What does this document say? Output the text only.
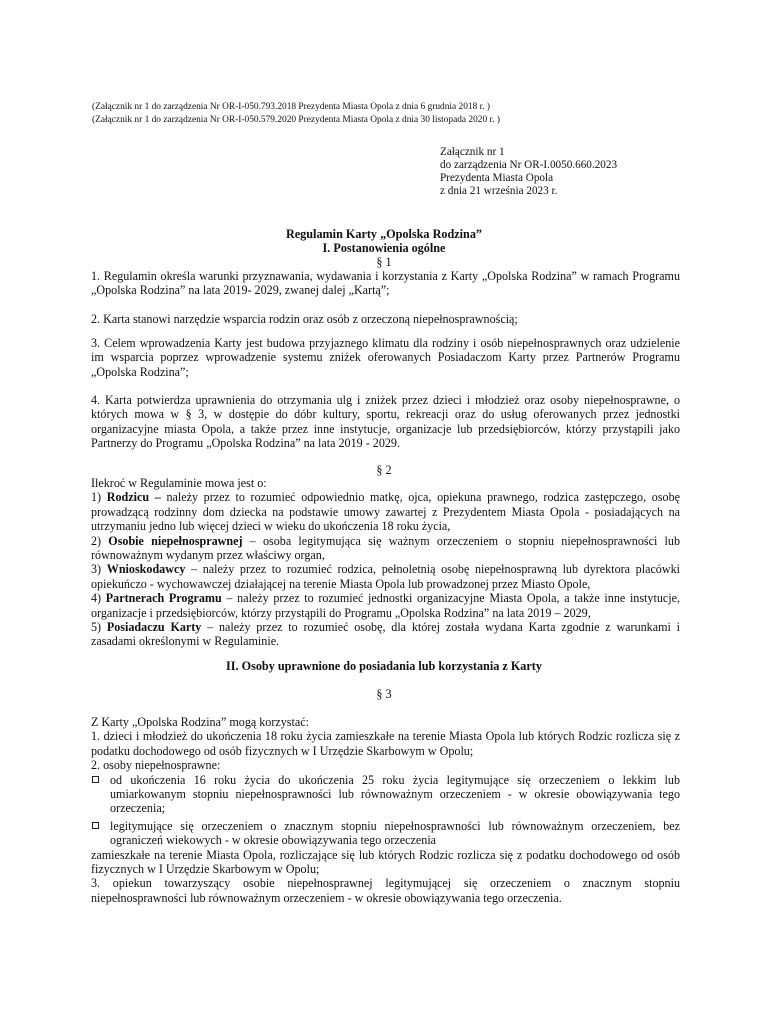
(Załącznik nr 1 do zarządzenia Nr OR-I-050.793.2018 Prezydenta Miasta Opola z dnia 6 grudnia 2018 r. )
(Załącznik nr 1 do zarządzenia Nr OR-I-050.579.2020 Prezydenta Miasta Opola z dnia 30 listopada 2020 r. )
Załącznik nr 1
do zarządzenia Nr OR-I.0050.660.2023
Prezydenta Miasta Opola
z dnia 21 września 2023 r.
Regulamin Karty „Opolska Rodzina”
I. Postanowienia ogólne
§ 1
1. Regulamin określa warunki przyznawania, wydawania i korzystania z Karty „Opolska Rodzina” w ramach Programu „Opolska Rodzina” na lata 2019- 2029, zwanej dalej „Kartą”;
2. Karta stanowi narzędzie wsparcia rodzin oraz osób z orzeczoną niepełnosprawnością;
3. Celem wprowadzenia Karty jest budowa przyjaznego klimatu dla rodziny i osób niepełnosprawnych oraz udzielenie im wsparcia poprzez wprowadzenie systemu zniżek oferowanych Posiadaczom Karty przez Partnerów Programu „Opolska Rodzina”;
4. Karta potwierdza uprawnienia do otrzymania ulg i zniżek przez dzieci i młodzież oraz osoby niepełnosprawne, o których mowa w § 3, w dostępie do dóbr kultury, sportu, rekreacji oraz do usług oferowanych przez jednostki organizacyjne miasta Opola, a także przez inne instytucje, organizacje lub przedsiębiorców, którzy przystąpili jako Partnerzy do Programu „Opolska Rodzina” na lata 2019 - 2029.
§ 2

Ilekroć w Regulaminie mowa jest o:

1) Rodzicu – należy przez to rozumieć odpowiednio matkę, ojca, opiekuna prawnego, rodzica zastępczego, osobę prowadzącą rodzinny dom dziecka na podstawie umowy zawartej z Prezydentem Miasta Opola - posiadających na utrzymaniu jedno lub więcej dzieci w wieku do ukończenia 18 roku życia,

2) Osobie niepełnosprawnej – osoba legitymująca się ważnym orzeczeniem o stopniu niepełnosprawności lub równoważnym wydanym przez właściwy organ,

3) Wnioskodawcy – należy przez to rozumieć rodzica, pełnoletnią osobę niepełnosprawną lub dyrektora placówki opiekuńczo - wychowawczej działającej na terenie Miasta Opola lub prowadzonej przez Miasto Opole,

4) Partnerach Programu – należy przez to rozumieć jednostki organizacyjne Miasta Opola, a także inne instytucje, organizacje i przedsiębiorców, którzy przystąpili do Programu „Opolska Rodzina” na lata 2019 – 2029,

5) Posiadaczu Karty – należy przez to rozumieć osobę, dla której została wydana Karta zgodnie z warunkami i zasadami określonymi w Regulaminie.

II. Osoby uprawnione do posiadania lub korzystania z Karty
§ 3

Z Karty „Opolska Rodzina” mogą korzystać:

1. dzieci i młodzież do ukończenia 18 roku życia zamieszkałe na terenie Miasta Opola lub których Rodzic rozlicza się z podatku dochodowego od osób fizycznych w I Urzędzie Skarbowym w Opolu;

2. osoby niepełnosprawne:

od ukończenia 16 roku życia do ukończenia 25 roku życia legitymujące się orzeczeniem o lekkim lub umiarkowanym stopniu niepełnosprawności lub równoważnym orzeczeniem - w okresie obowiązywania tego orzeczenia;
legitymujące się orzeczeniem o znacznym stopniu niepełnosprawności lub równoważnym orzeczeniem, bez ograniczeń wiekowych - w okresie obowiązywania tego orzeczenia

zamieszkałe na terenie Miasta Opola, rozliczające się lub których Rodzic rozlicza się z podatku dochodowego od osób fizycznych w I Urzędzie Skarbowym w Opolu;

3. opiekun towarzyszący osobie niepełnosprawnej legitymującej się orzeczeniem o znacznym stopniu niepełnosprawności lub równoważnym orzeczeniem - w okresie obowiązywania tego orzeczenia.
